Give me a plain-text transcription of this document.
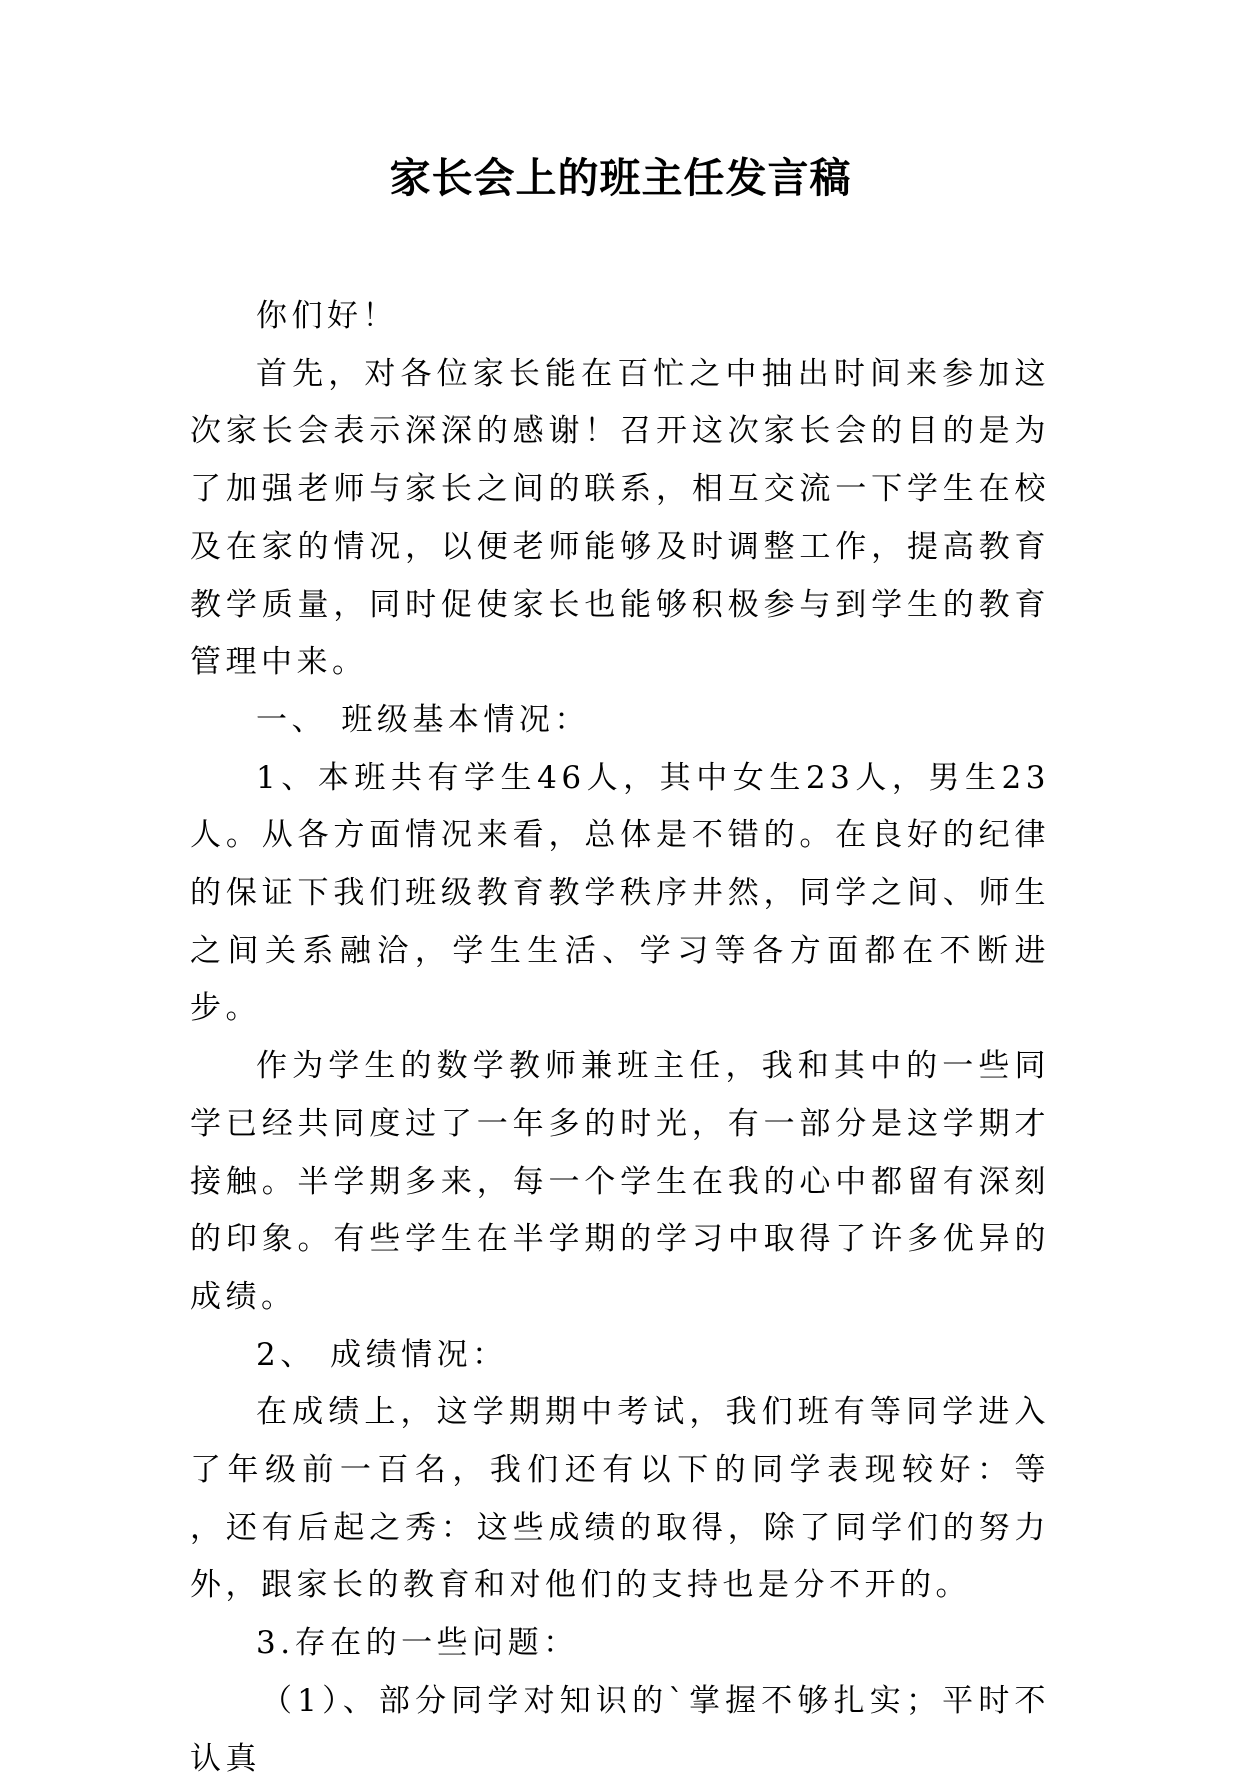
家长会上的班主任发言稿

你们好！

首先，对各位家长能在百忙之中抽出时间来参加这次家长会表示深深的感谢！召开这次家长会的目的是为了加强老师与家长之间的联系，相互交流一下学生在校及在家的情况，以便老师能够及时调整工作，提高教育教学质量，同时促使家长也能够积极参与到学生的教育管理中来。

一、 班级基本情况：

1、本班共有学生46人，其中女生23人，男生23人。从各方面情况来看，总体是不错的。在良好的纪律的保证下我们班级教育教学秩序井然，同学之间、师生之间关系融洽，学生生活、学习等各方面都在不断进步。

作为学生的数学教师兼班主任，我和其中的一些同学已经共同度过了一年多的时光，有一部分是这学期才接触。半学期多来，每一个学生在我的心中都留有深刻的印象。有些学生在半学期的学习中取得了许多优异的成绩。

2、 成绩情况：

在成绩上，这学期期中考试，我们班有等同学进入了年级前一百名，我们还有以下的同学表现较好：等 ，还有后起之秀：这些成绩的取得，除了同学们的努力外，跟家长的教育和对他们的支持也是分不开的。

3.存在的一些问题：

（1）、部分同学对知识的`掌握不够扎实；平时不认真
